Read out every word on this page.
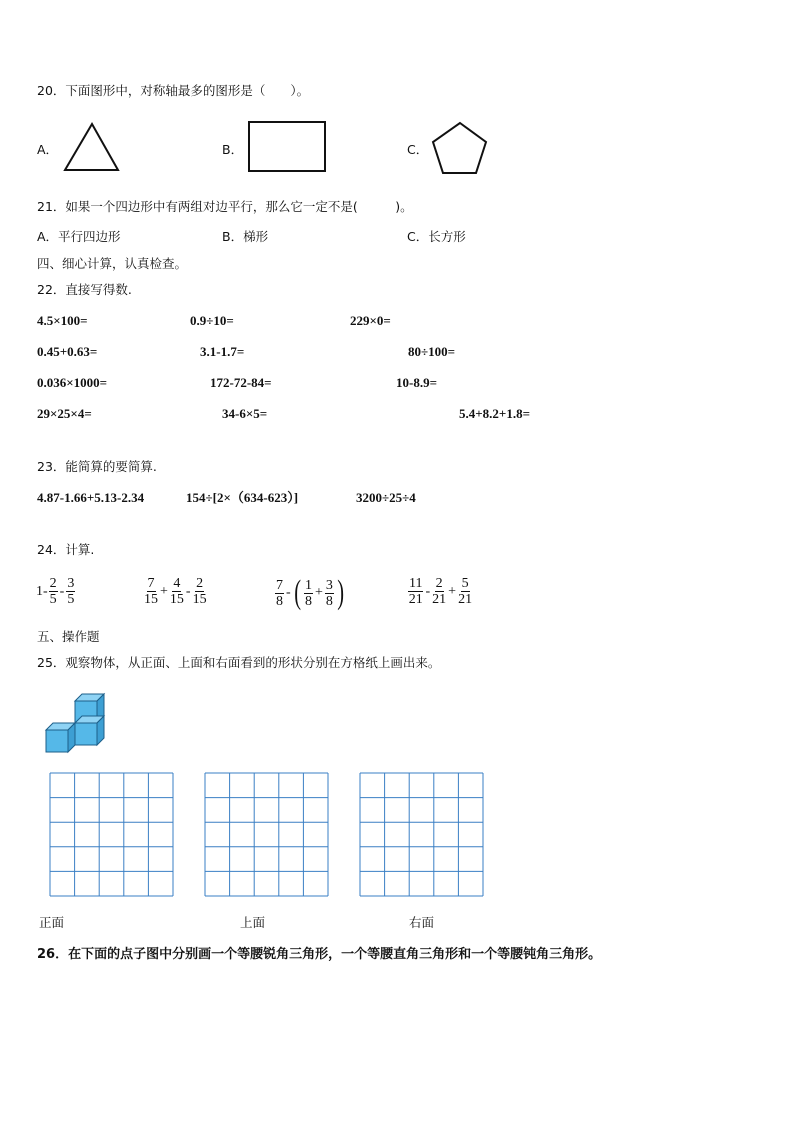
20．下面图形中，对称轴最多的图形是（　　）。
A．	B．	C．
21．如果一个四边形中有两组对边平行，那么它一定不是(　　　)。
A．平行四边形	B．梯形	C．长方形
四、细心计算，认真检查。
22．直接写得数.
4.5×100=	0.9÷10=	229×0=
0.45+0.63=	3.1-1.7=	80÷100=
0.036×1000=	172-72-84=	10-8.9=
29×25×4=	34-6×5=	5.4+8.2+1.8=
23．能简算的要简算.
4.87-1.66+5.13-2.34	154÷[2×（634-623）]	3200÷25÷4
24．计算.
$1- \frac{2}{5} - \frac{3}{5}$	$\frac{7}{15} + \frac{4}{15} - \frac{2}{15}$	$\frac{7}{8}$ - ( $\frac{1}{8} + \frac{3}{8}$ )	$\frac{11}{21} - \frac{2}{21} + \frac{5}{21}$
五、操作题
25．观察物体，从正面、上面和右面看到的形状分别在方格纸上画出来。
正面	上面	右面
26．在下面的点子图中分别画一个等腰锐角三角形，一个等腰直角三角形和一个等腰钝角三角形。
